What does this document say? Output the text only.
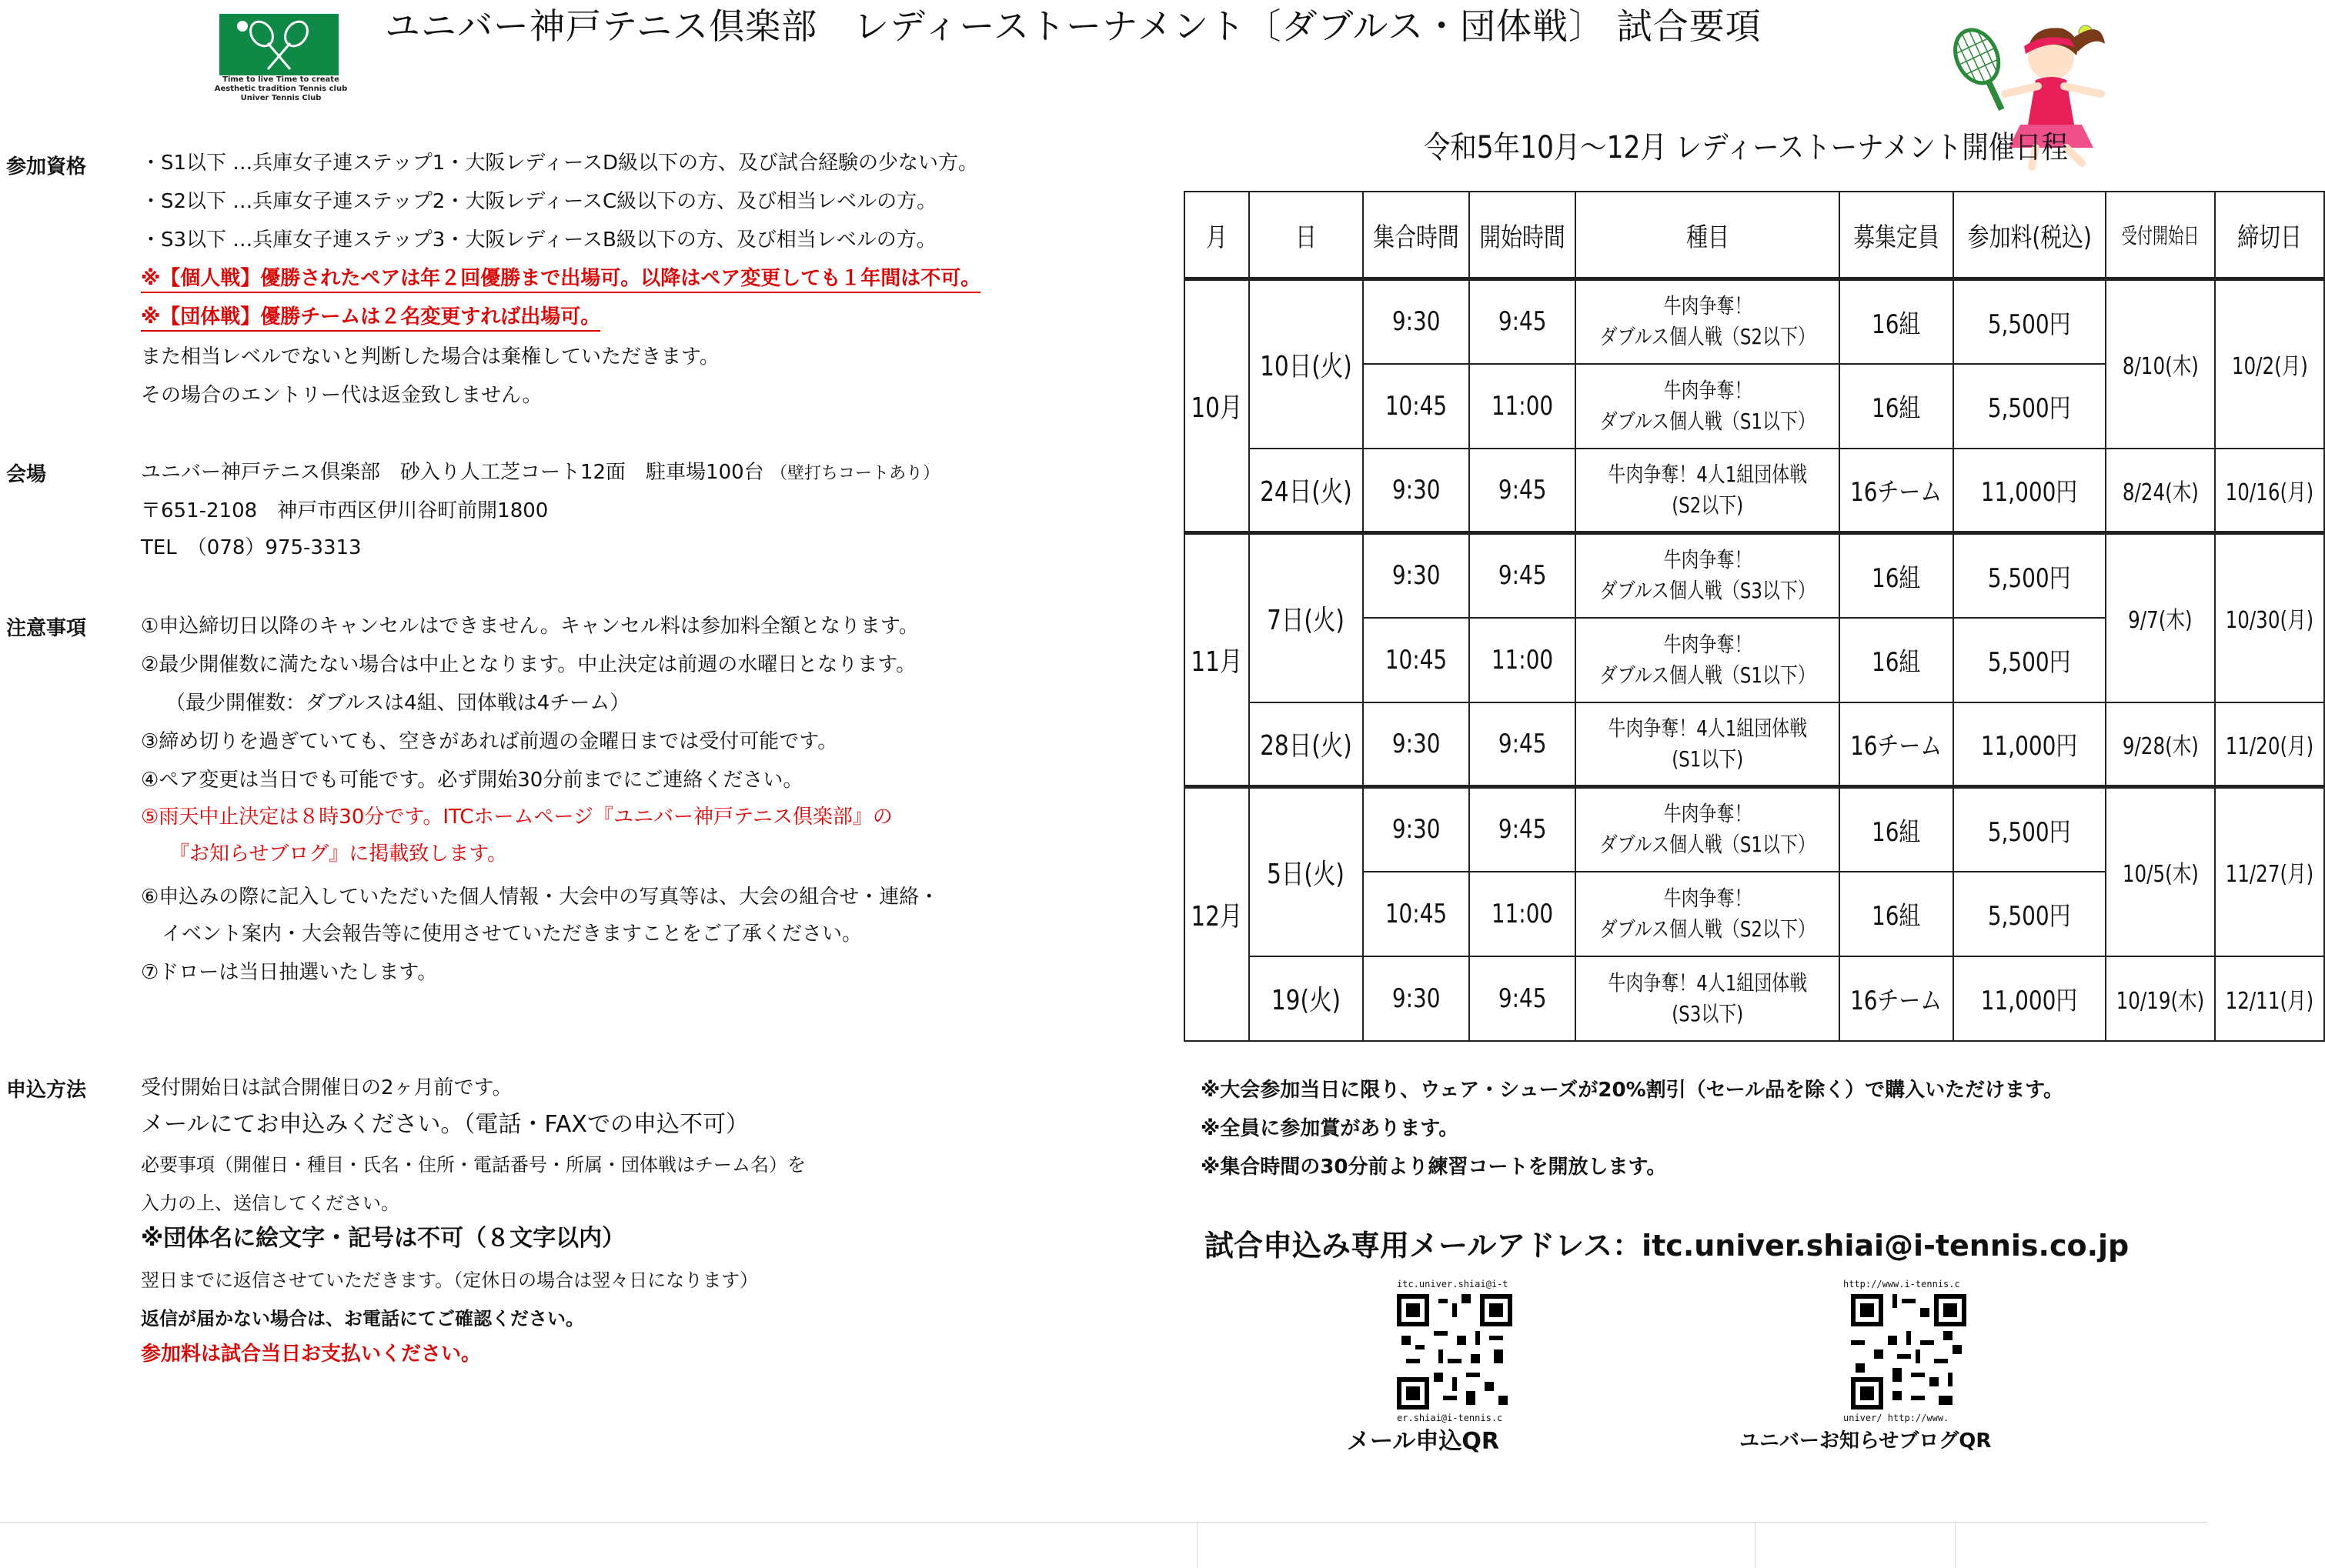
Time to live Time to create
Aesthetic tradition Tennis club
Univer Tennis Club
ユニバー神戸テニス倶楽部　レディーストーナメント〔ダブルス・団体戦〕 試合要項
参加資格	・S1以下 …兵庫女子連ステップ1・大阪レディースD級以下の方、及び試合経験の少ない方。
・S2以下 …兵庫女子連ステップ2・大阪レディースC級以下の方、及び相当レベルの方。
・S3以下 …兵庫女子連ステップ3・大阪レディースB級以下の方、及び相当レベルの方。
※【個人戦】優勝されたペアは年２回優勝まで出場可。以降はペア変更しても１年間は不可。
※【団体戦】優勝チームは２名変更すれば出場可。
また相当レベルでないと判断した場合は棄権していただきます。
その場合のエントリー代は返金致しません。
会場	ユニバー神戸テニス倶楽部　砂入り人工芝コート12面　駐車場100台 （壁打ちコートあり）
〒651-2108　神戸市西区伊川谷町前開1800
TEL　（078）975-3313
注意事項	①申込締切日以降のキャンセルはできません。キャンセル料は参加料全額となります。
②最少開催数に満たない場合は中止となります。中止決定は前週の水曜日となります。
（最少開催数：ダブルスは4組、団体戦は4チーム）
③締め切りを過ぎていても、空きがあれば前週の金曜日までは受付可能です。
④ペア変更は当日でも可能です。必ず開始30分前までにご連絡ください。
⑤雨天中止決定は８時30分です。ITCホームページ『ユニバー神戸テニス倶楽部』の
『お知らせブログ』に掲載致します。
⑥申込みの際に記入していただいた個人情報・大会中の写真等は、大会の組合せ・連絡・
イベント案内・大会報告等に使用させていただきますことをご了承ください。
⑦ドローは当日抽選いたします。
申込方法	受付開始日は試合開催日の2ヶ月前です。
メールにてお申込みください。（電話・FAXでの申込不可）
必要事項（開催日・種目・氏名・住所・電話番号・所属・団体戦はチーム名）を
入力の上、送信してください。
※団体名に絵文字・記号は不可（８文字以内）
翌日までに返信させていただきます。（定休日の場合は翌々日になります）
返信が届かない場合は、お電話にてご確認ください。
参加料は試合当日お支払いください。
令和5年10月～12月 レディーストーナメント開催日程
月	日	集合時間	開始時間	種目	募集定員	参加料(税込)	受付開始日	締切日
10月	10日(火)	9:30	9:45	牛肉争奪！
ダブルス個人戦（S2以下）	16組	5,500円	8/10(木)	10/2(月)
		10:45	11:00	牛肉争奪！
ダブルス個人戦（S1以下）	16組	5,500円		
	24日(火)	9:30	9:45	牛肉争奪！4人1組団体戦
(S2以下)	16チーム	11,000円	8/24(木)	10/16(月)
11月	7日(火)	9:30	9:45	牛肉争奪！
ダブルス個人戦（S3以下）	16組	5,500円	9/7(木)	10/30(月)
		10:45	11:00	牛肉争奪！
ダブルス個人戦（S1以下）	16組	5,500円		
	28日(火)	9:30	9:45	牛肉争奪！4人1組団体戦
(S1以下)	16チーム	11,000円	9/28(木)	11/20(月)
12月	5日(火)	9:30	9:45	牛肉争奪！
ダブルス個人戦（S1以下）	16組	5,500円	10/5(木)	11/27(月)
		10:45	11:00	牛肉争奪！
ダブルス個人戦（S2以下）	16組	5,500円		
	19(火)	9:30	9:45	牛肉争奪！4人1組団体戦
(S3以下)	16チーム	11,000円	10/19(木)	12/11(月)
※大会参加当日に限り、ウェア・シューズが20%割引（セール品を除く）で購入いただけます。
※全員に参加賞があります。
※集合時間の30分前より練習コートを開放します。
試合申込み専用メールアドレス：itc.univer.shiai@i-tennis.co.jp
itc.univer.shiai@i-t
er.shiai@i-tennis.c
メール申込QR
http://www.i-tennis.c
univer/ http://www.
ユニバーお知らせブログQR
